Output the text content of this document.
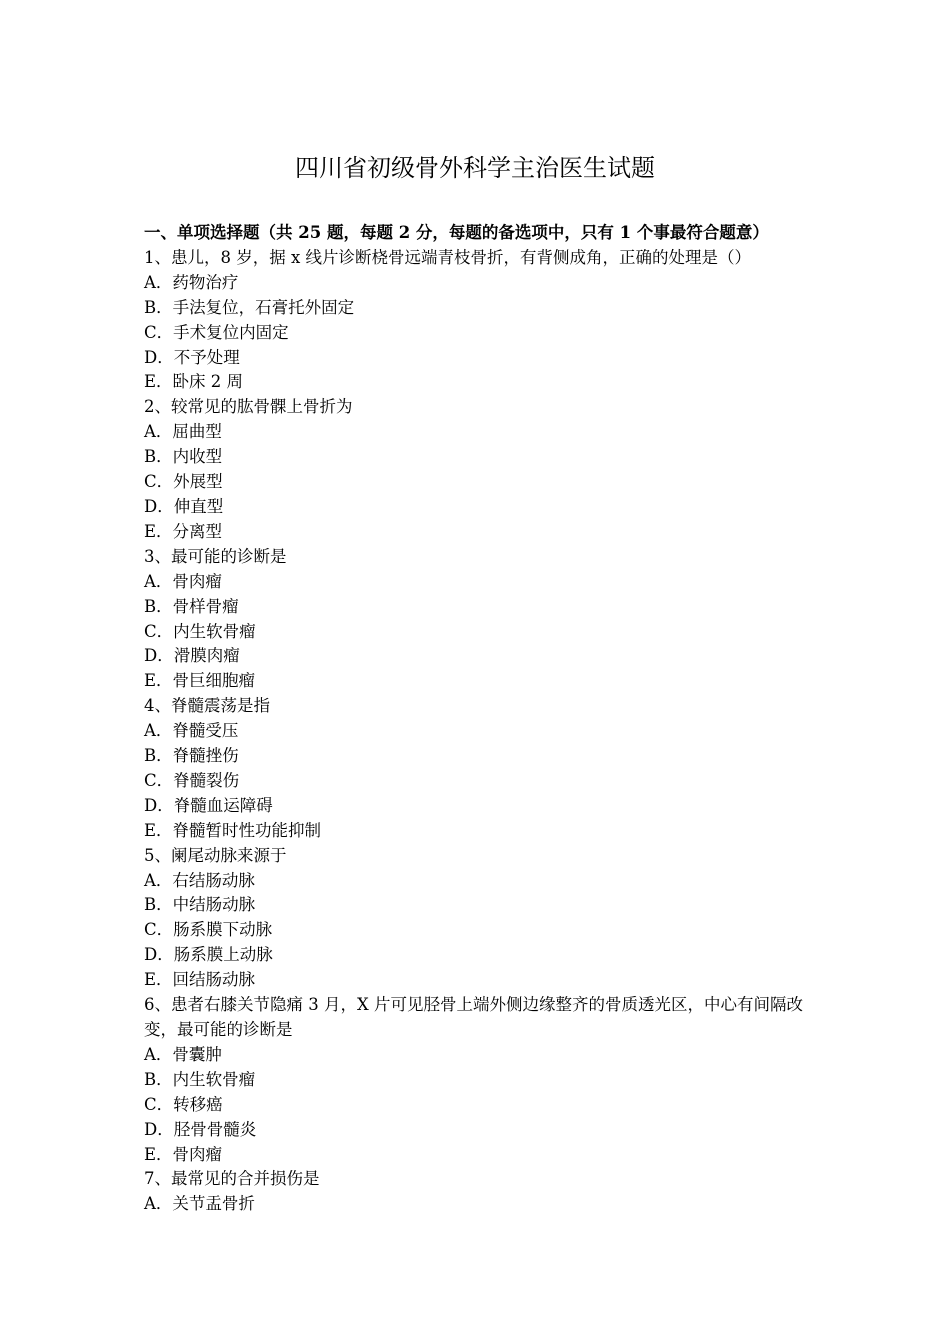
四川省初级骨外科学主治医生试题

一、单项选择题（共 25 题，每题 2 分，每题的备选项中，只有 1 个事最符合题意）

1、患儿，8 岁，据 x 线片诊断桡骨远端青枝骨折，有背侧成角，正确的处理是（）

A．药物治疗

B．手法复位，石膏托外固定

C．手术复位内固定

D．不予处理

E．卧床 2 周

2、较常见的肱骨髁上骨折为

A．屈曲型

B．内收型

C．外展型

D．伸直型

E．分离型

3、最可能的诊断是

A．骨肉瘤

B．骨样骨瘤

C．内生软骨瘤

D．滑膜肉瘤

E．骨巨细胞瘤

4、脊髓震荡是指

A．脊髓受压

B．脊髓挫伤

C．脊髓裂伤

D．脊髓血运障碍

E．脊髓暂时性功能抑制

5、阑尾动脉来源于

A．右结肠动脉

B．中结肠动脉

C．肠系膜下动脉

D．肠系膜上动脉

E．回结肠动脉

6、患者右膝关节隐痛 3 月，X 片可见胫骨上端外侧边缘整齐的骨质透光区，中心有间隔改变，最可能的诊断是

A．骨囊肿

B．内生软骨瘤

C．转移癌

D．胫骨骨髓炎

E．骨肉瘤

7、最常见的合并损伤是

A．关节盂骨折
